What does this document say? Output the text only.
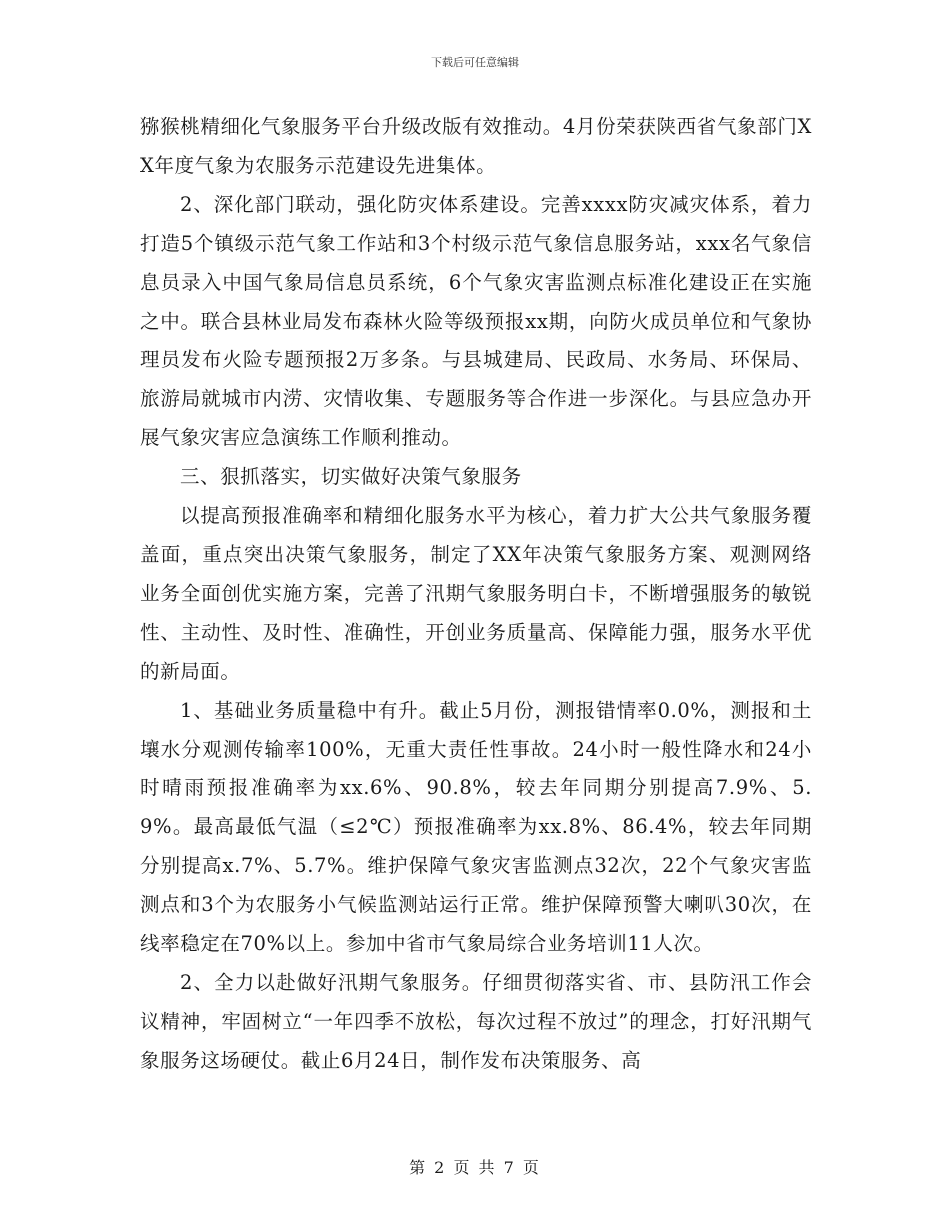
下载后可任意编辑

猕猴桃精细化气象服务平台升级改版有效推动。4月份荣获陕西省气象部门XX年度气象为农服务示范建设先进集体。

2、深化部门联动，强化防灾体系建设。完善xxxx防灾减灾体系，着力打造5个镇级示范气象工作站和3个村级示范气象信息服务站，xxx名气象信息员录入中国气象局信息员系统，6个气象灾害监测点标准化建设正在实施之中。联合县林业局发布森林火险等级预报xx期，向防火成员单位和气象协理员发布火险专题预报2万多条。与县城建局、民政局、水务局、环保局、旅游局就城市内涝、灾情收集、专题服务等合作进一步深化。与县应急办开展气象灾害应急演练工作顺利推动。

三、狠抓落实，切实做好决策气象服务

以提高预报准确率和精细化服务水平为核心，着力扩大公共气象服务覆盖面，重点突出决策气象服务，制定了XX年决策气象服务方案、观测网络业务全面创优实施方案，完善了汛期气象服务明白卡，不断增强服务的敏锐性、主动性、及时性、准确性，开创业务质量高、保障能力强，服务水平优的新局面。

1、基础业务质量稳中有升。截止5月份，测报错情率0.0%，测报和土壤水分观测传输率100%，无重大责任性事故。24小时一般性降水和24小时晴雨预报准确率为xx.6%、90.8%，较去年同期分别提高7.9%、5.9%。最高最低气温（≤2℃）预报准确率为xx.8%、86.4%，较去年同期分别提高x.7%、5.7%。维护保障气象灾害监测点32次，22个气象灾害监测点和3个为农服务小气候监测站运行正常。维护保障预警大喇叭30次，在线率稳定在70%以上。参加中省市气象局综合业务培训11人次。

2、全力以赴做好汛期气象服务。仔细贯彻落实省、市、县防汛工作会议精神，牢固树立“一年四季不放松，每次过程不放过”的理念，打好汛期气象服务这场硬仗。截止6月24日，制作发布决策服务、高

第 2 页 共 7 页
